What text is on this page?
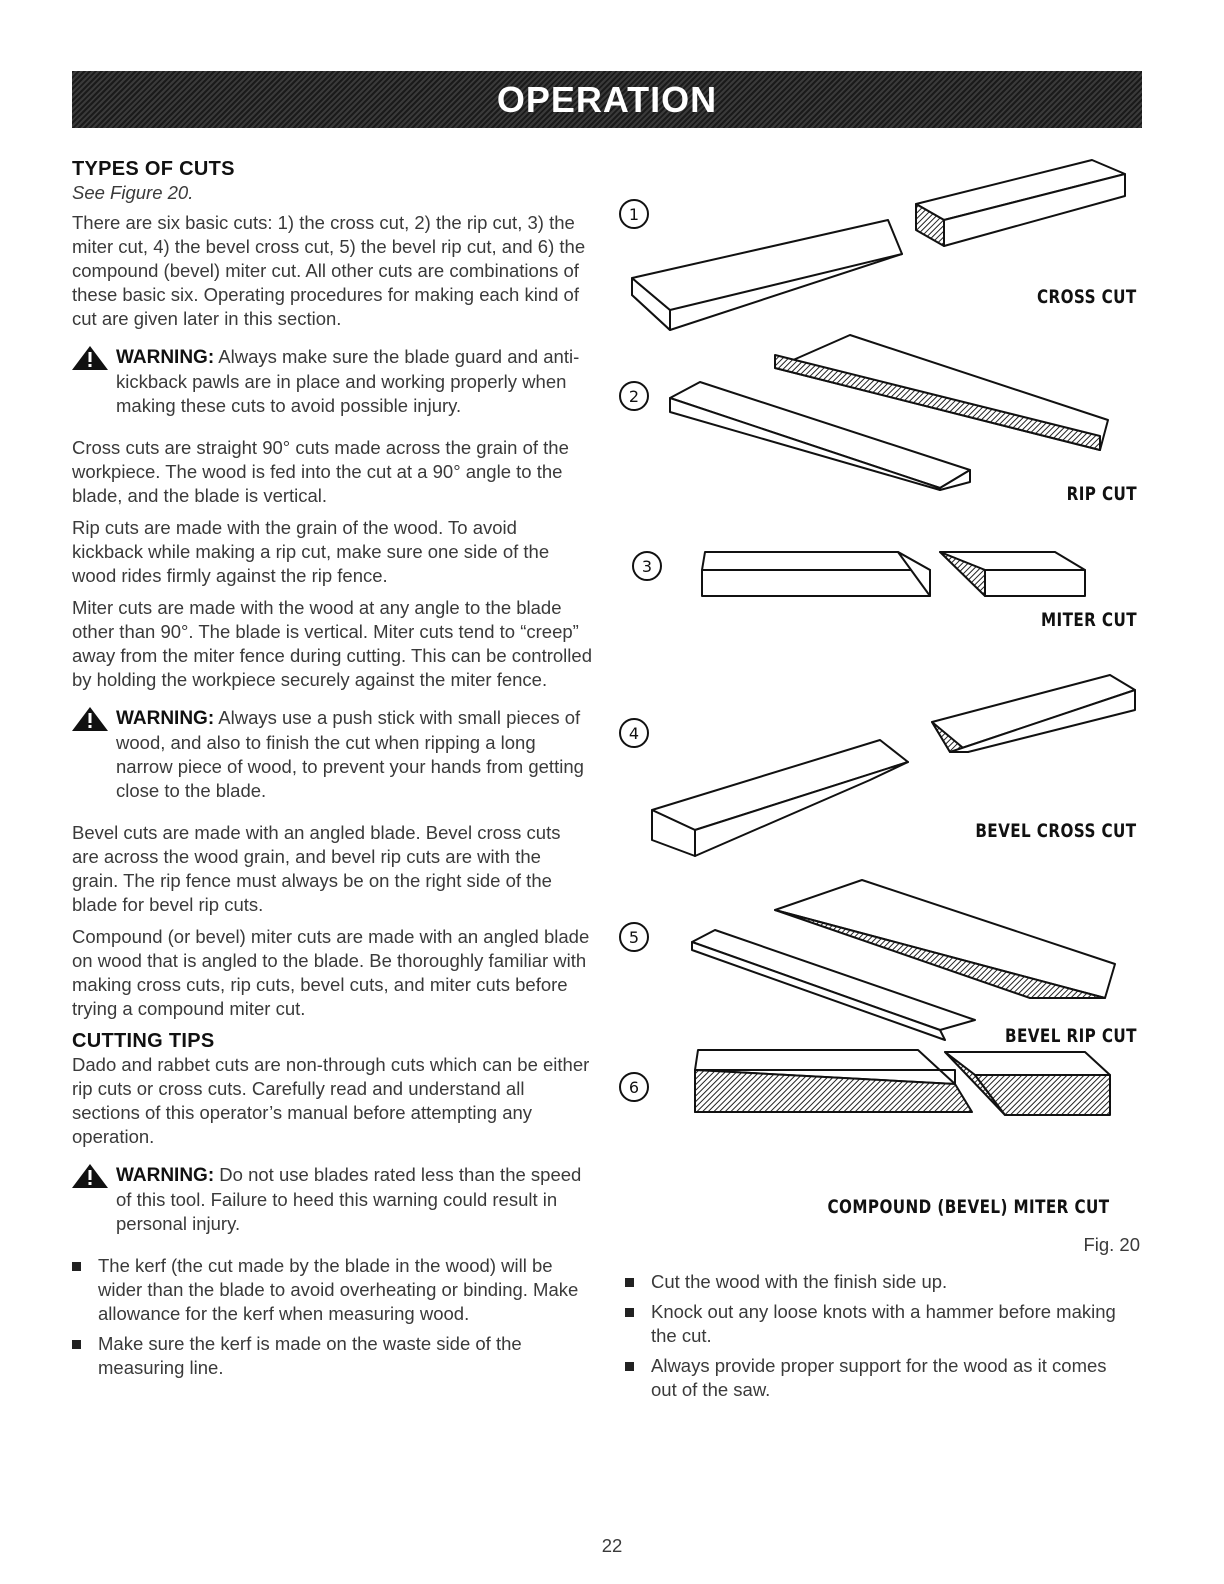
OPERATION
TYPES OF CUTS

See Figure 20.

There are six basic cuts: 1) the cross cut, 2) the rip cut, 3) the miter cut, 4) the bevel cross cut, 5) the bevel rip cut, and 6) the compound (bevel) miter cut. All other cuts are combinations of these basic six. Operating procedures for making each kind of cut are given later in this section.

WARNING: Always make sure the blade guard and anti-kickback pawls are in place and working properly when making these cuts to avoid possible injury.

Cross cuts are straight 90° cuts made across the grain of the workpiece. The wood is fed into the cut at a 90° angle to the blade, and the blade is vertical.

Rip cuts are made with the grain of the wood. To avoid kickback while making a rip cut, make sure one side of the wood rides firmly against the rip fence.

Miter cuts are made with the wood at any angle to the blade other than 90°. The blade is vertical. Miter cuts tend to “creep” away from the miter fence during cutting. This can be controlled by holding the workpiece securely against the miter fence.

WARNING: Always use a push stick with small pieces of wood, and also to finish the cut when ripping a long narrow piece of wood, to prevent your hands from getting close to the blade.

Bevel cuts are made with an angled blade. Bevel cross cuts are across the wood grain, and bevel rip cuts are with the grain. The rip fence must always be on the right side of the blade for bevel rip cuts.

Compound (or bevel) miter cuts are made with an angled blade on wood that is angled to the blade. Be thoroughly familiar with making cross cuts, rip cuts, bevel cuts, and miter cuts before trying a compound miter cut.

CUTTING TIPS

Dado and rabbet cuts are non-through cuts which can be either rip cuts or cross cuts. Carefully read and understand all sections of this operator’s manual before attempting any operation.

WARNING: Do not use blades rated less than the speed of this tool. Failure to heed this warning could result in personal injury.
The kerf (the cut made by the blade in the wood) will be wider than the blade to avoid overheating or binding. Make allowance for the kerf when measuring wood.
Make sure the kerf is made on the waste side of the measuring line.
1
2
3
4
5
6
CROSS CUT
RIP CUT
MITER CUT
BEVEL CROSS CUT
BEVEL RIP CUT
COMPOUND (BEVEL) MITER CUT
Fig. 20
Cut the wood with the finish side up.
Knock out any loose knots with a hammer before making the cut.
Always provide proper support for the wood as it comes out of the saw.
22
